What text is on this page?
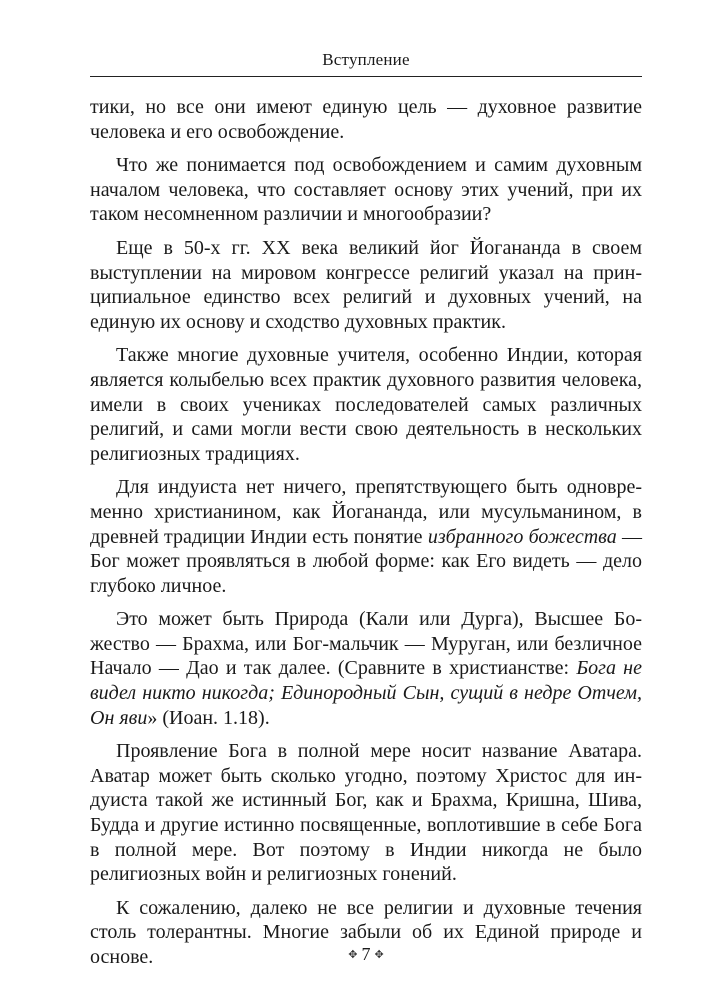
Вступление

тики, но все они имеют единую цель — духовное развитие человека и его освобождение.

Что же понимается под освобождением и самим духовным началом человека, что составляет основу этих учений, при их таком несомненном различии и многообразии?

Еще в 50-х гг. XX века великий йог Йогананда в своем выступлении на мировом конгрессе религий указал на принципиальное единство всех религий и духовных учений, на единую их основу и сходство духовных практик.

Также многие духовные учителя, особенно Индии, которая является колыбелью всех практик духовного развития человека, имели в своих учениках последователей самых различных религий, и сами могли вести свою деятельность в нескольких религиозных традициях.

Для индуиста нет ничего, препятствующего быть одновременно христианином, как Йогананда, или мусульманином, в древней традиции Индии есть понятие избранного божества — Бог может проявляться в любой форме: как Его видеть — дело глубоко личное.

Это может быть Природа (Кали или Дурга), Высшее Божество — Брахма, или Бог-мальчик — Муруган, или безличное Начало — Дао и так далее. (Сравните в христианстве: Бога не видел никто никогда; Единородный Сын, сущий в недре Отчем, Он яви» (Иоан. 1.18).

Проявление Бога в полной мере носит название Аватара. Аватар может быть сколько угодно, поэтому Христос для индуиста такой же истинный Бог, как и Брахма, Кришна, Шива, Будда и другие истинно посвященные, воплотившие в себе Бога в полной мере. Вот поэтому в Индии никогда не было религиозных войн и религиозных гонений.

К сожалению, далеко не все религии и духовные течения столь толерантны. Многие забыли об их Единой природе и основе.	✥ 7 ✥
